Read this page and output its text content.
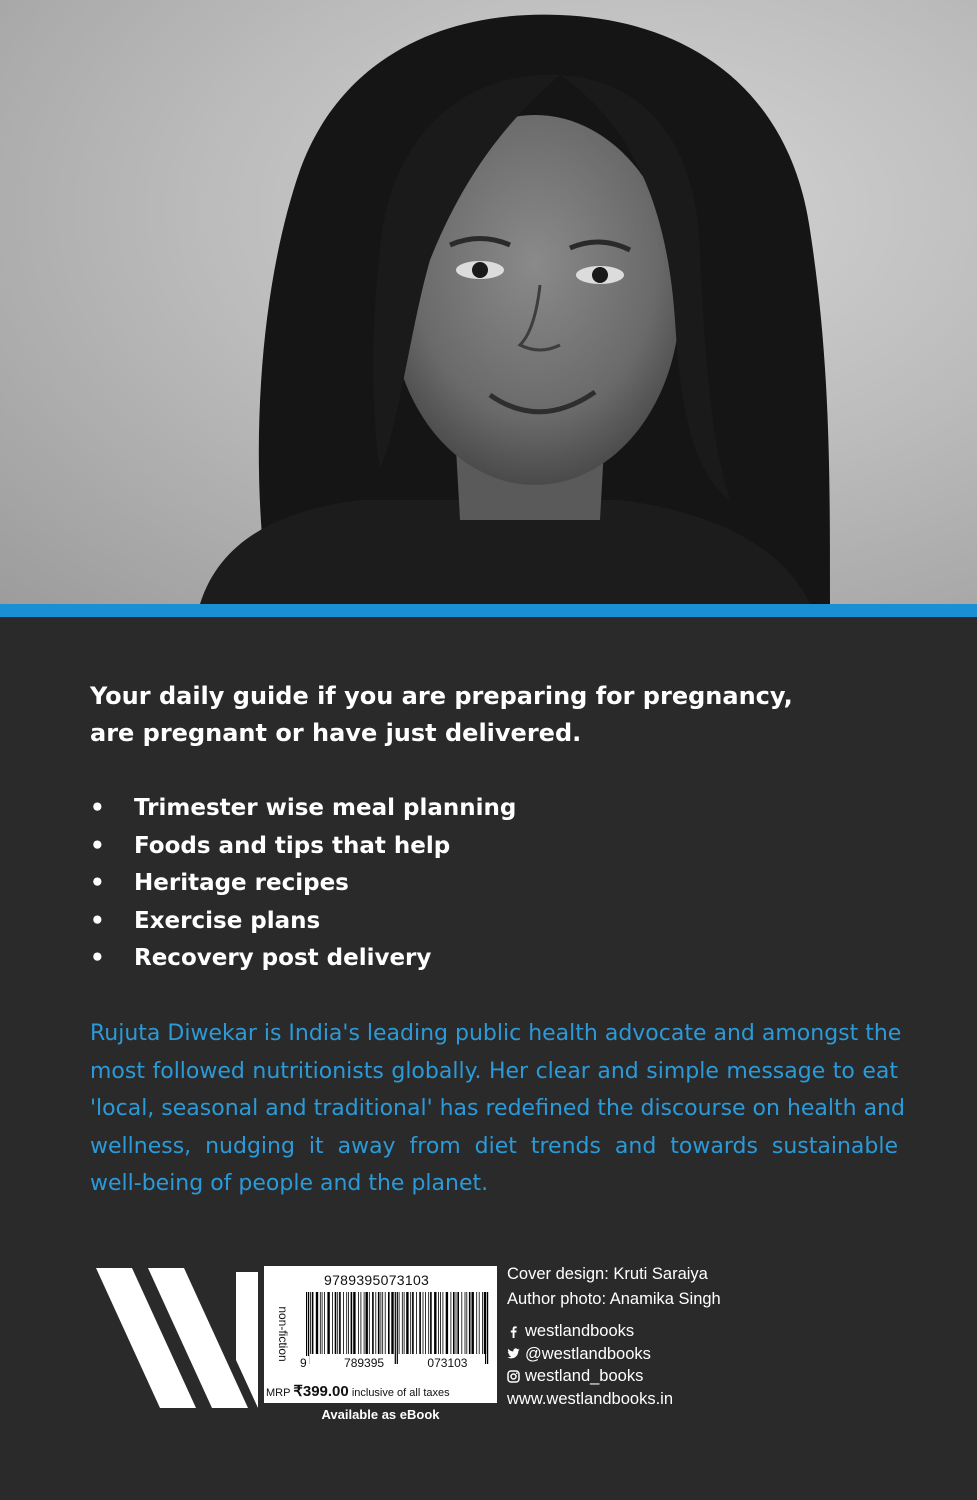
Your daily guide if you are preparing for pregnancy,
are pregnant or have just delivered.
• Trimester wise meal planning
• Foods and tips that help
• Heritage recipes
• Exercise plans
• Recovery post delivery
Rujuta Diwekar is India's leading public health advocate and amongst the
most followed nutritionists globally. Her clear and simple message to eat
'local, seasonal and traditional' has redefined the discourse on health and
wellness, nudging it away from diet trends and towards sustainable
well-being of people and the planet.
9789395073103
non-fiction
9	789395	073103
MRP ₹399.00 inclusive of all taxes
Available as eBook
Cover design: Kruti Saraiya
Author photo: Anamika Singh
westlandbooks
@westlandbooks
westland_books
www.westlandbooks.in
